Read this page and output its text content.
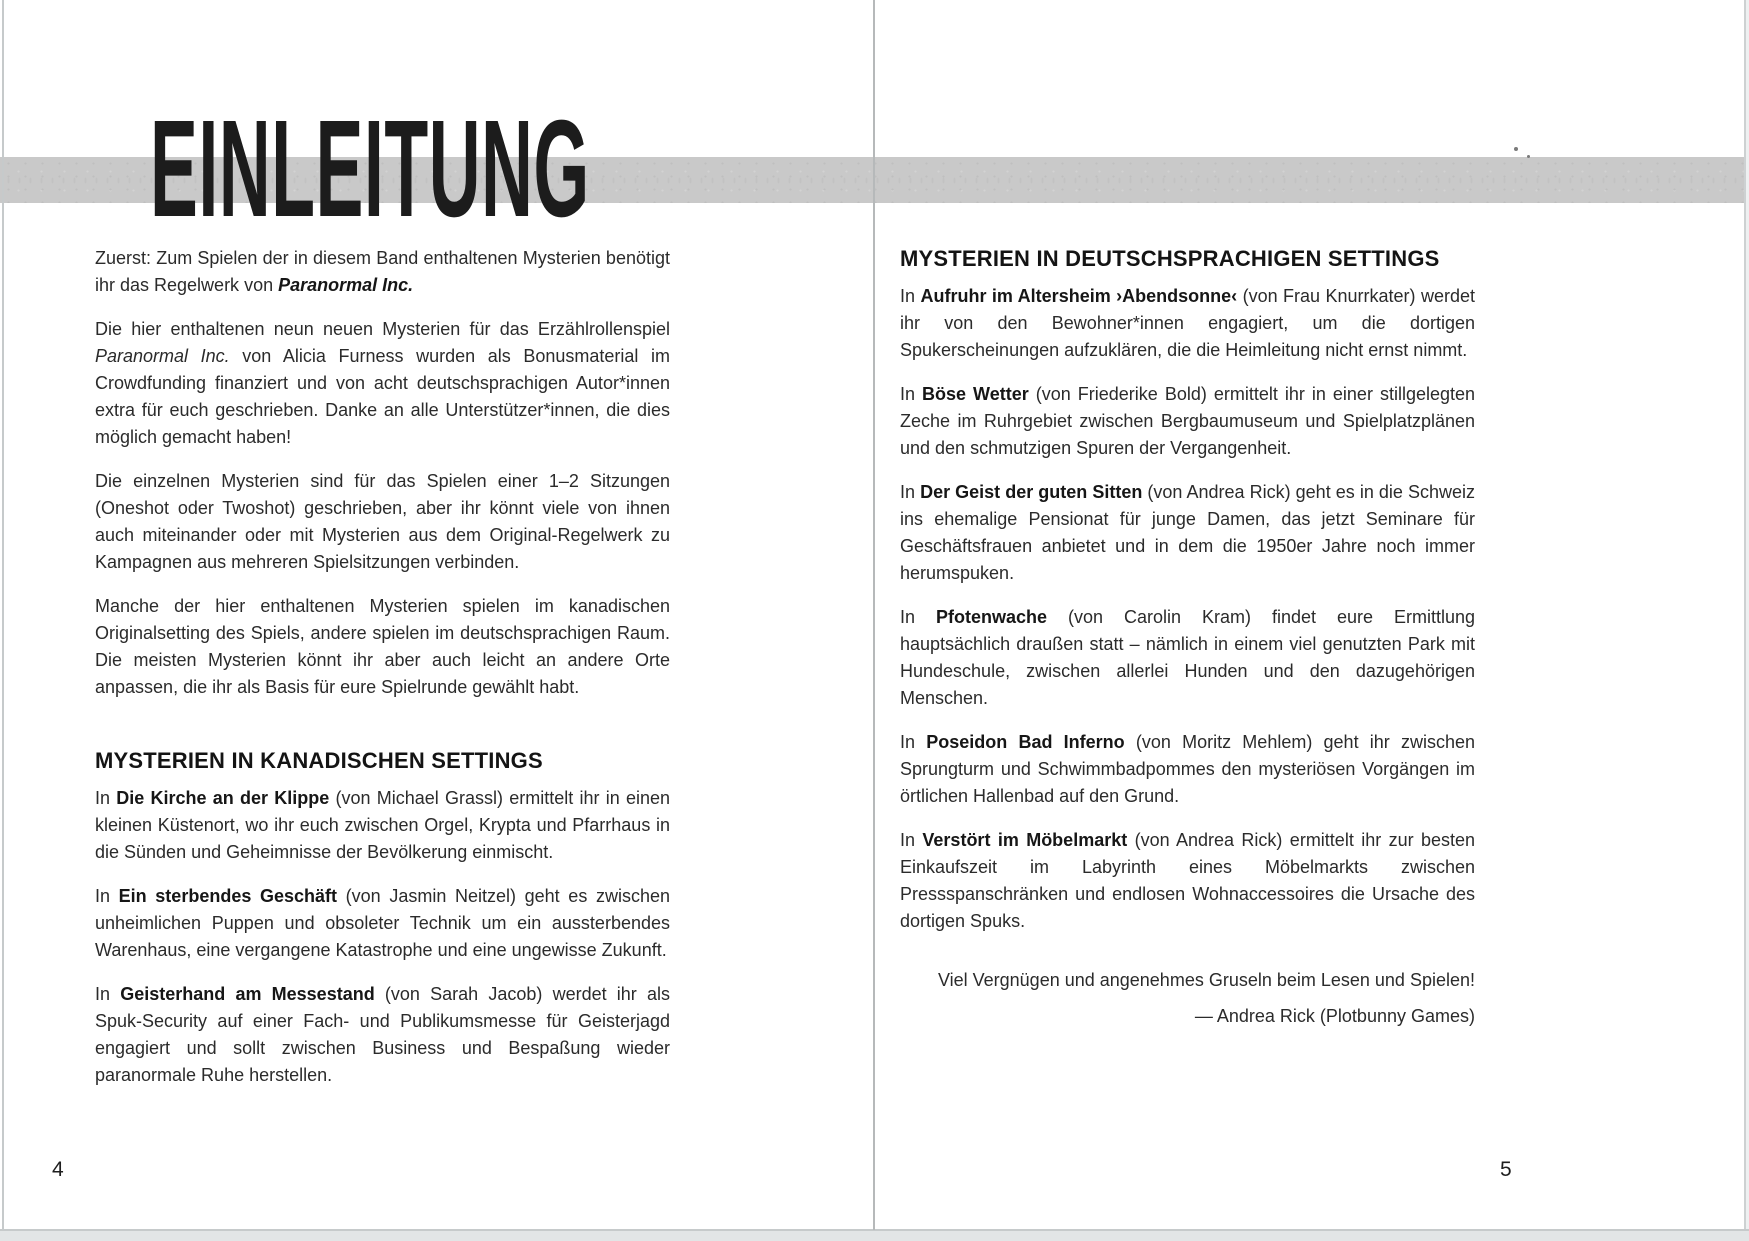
EINLEITUNG

Zuerst: Zum Spielen der in diesem Band enthaltenen Mysterien benötigt ihr das Regelwerk von Paranormal Inc.

Die hier enthaltenen neun neuen Mysterien für das Erzählrollenspiel Paranormal Inc. von Alicia Furness wurden als Bonusmaterial im Crowdfunding finanziert und von acht deutschsprachigen Autor*innen extra für euch geschrieben. Danke an alle Unterstützer*innen, die dies möglich gemacht haben!

Die einzelnen Mysterien sind für das Spielen einer 1–2 Sitzungen (Oneshot oder Twoshot) geschrieben, aber ihr könnt viele von ihnen auch miteinander oder mit Mysterien aus dem Original-Regelwerk zu Kampagnen aus mehreren Spielsitzungen verbinden.

Manche der hier enthaltenen Mysterien spielen im kanadischen Originalsetting des Spiels, andere spielen im deutschsprachigen Raum. Die meisten Mysterien könnt ihr aber auch leicht an andere Orte anpassen, die ihr als Basis für eure Spielrunde gewählt habt.

MYSTERIEN IN KANADISCHEN SETTINGS

In Die Kirche an der Klippe (von Michael Grassl) ermittelt ihr in einen kleinen Küstenort, wo ihr euch zwischen Orgel, Krypta und Pfarrhaus in die Sünden und Geheimnisse der Bevölkerung einmischt.

In Ein sterbendes Geschäft (von Jasmin Neitzel) geht es zwischen unheimlichen Puppen und obsoleter Technik um ein aussterbendes Warenhaus, eine vergangene Katastrophe und eine ungewisse Zukunft.

In Geisterhand am Messestand (von Sarah Jacob) werdet ihr als Spuk-Security auf einer Fach- und Publikumsmesse für Geisterjagd engagiert und sollt zwischen Business und Bespaßung wieder paranormale Ruhe herstellen.

MYSTERIEN IN DEUTSCHSPRACHIGEN SETTINGS

In Aufruhr im Altersheim ›Abendsonne‹ (von Frau Knurrkater) werdet ihr von den Bewohner*innen engagiert, um die dortigen Spukerscheinungen aufzuklären, die die Heimleitung nicht ernst nimmt.

In Böse Wetter (von Friederike Bold) ermittelt ihr in einer stillgelegten Zeche im Ruhrgebiet zwischen Bergbaumuseum und Spielplatzplänen und den schmutzigen Spuren der Vergangenheit.

In Der Geist der guten Sitten (von Andrea Rick) geht es in die Schweiz ins ehemalige Pensionat für junge Damen, das jetzt Seminare für Geschäftsfrauen anbietet und in dem die 1950er Jahre noch immer herumspuken.

In Pfotenwache (von Carolin Kram) findet eure Ermittlung hauptsächlich draußen statt – nämlich in einem viel genutzten Park mit Hundeschule, zwischen allerlei Hunden und den dazugehörigen Menschen.

In Poseidon Bad Inferno (von Moritz Mehlem) geht ihr zwischen Sprungturm und Schwimmbadpommes den mysteriösen Vorgängen im örtlichen Hallenbad auf den Grund.

In Verstört im Möbelmarkt (von Andrea Rick) ermittelt ihr zur besten Einkaufszeit im Labyrinth eines Möbelmarkts zwischen Pressspanschränken und endlosen Wohnaccessoires die Ursache des dortigen Spuks.

Viel Vergnügen und angenehmes Gruseln beim Lesen und Spielen!

— Andrea Rick (Plotbunny Games)

4	5
